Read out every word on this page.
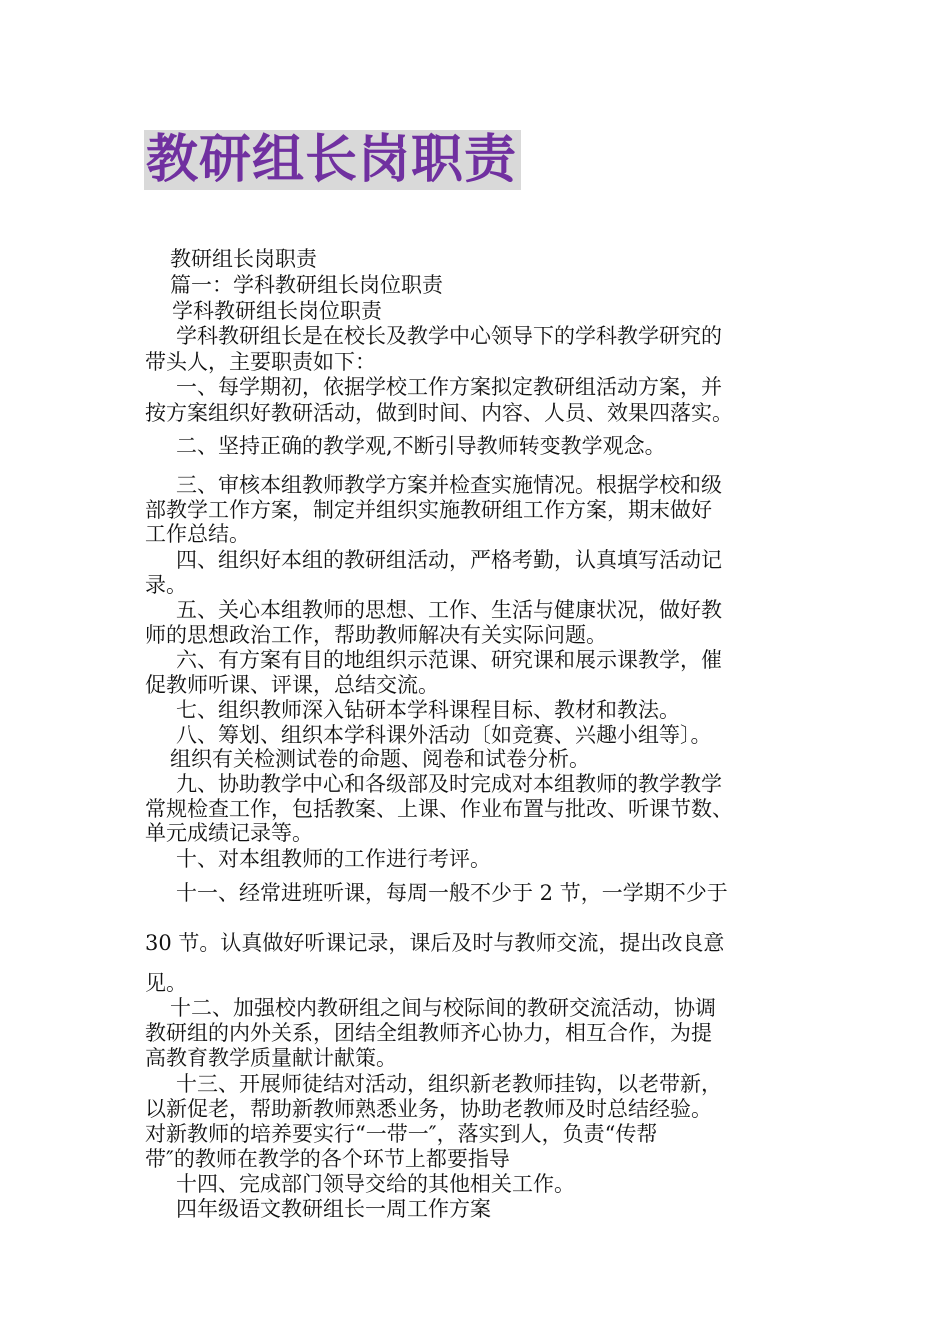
教研组长岗职责
教研组长岗职责
篇一：学科教研组长岗位职责
学科教研组长岗位职责
学科教研组长是在校长及教学中心领导下的学科教学研究的
带头人，主要职责如下：
一、每学期初，依据学校工作方案拟定教研组活动方案，并
按方案组织好教研活动，做到时间、内容、人员、效果四落实。
二、坚持正确的教学观,不断引导教师转变教学观念。
三、审核本组教师教学方案并检查实施情况。根据学校和级
部教学工作方案，制定并组织实施教研组工作方案，期末做好
工作总结。
四、组织好本组的教研组活动，严格考勤，认真填写活动记
录。
五、关心本组教师的思想、工作、生活与健康状况，做好教
师的思想政治工作，帮助教师解决有关实际问题。
六、有方案有目的地组织示范课、研究课和展示课教学，催
促教师听课、评课，总结交流。
七、组织教师深入钻研本学科课程目标、教材和教法。
八、筹划、组织本学科课外活动〔如竞赛、兴趣小组等〕。
组织有关检测试卷的命题、阅卷和试卷分析。
九、协助教学中心和各级部及时完成对本组教师的教学教学
常规检查工作，包括教案、上课、作业布置与批改、听课节数、
单元成绩记录等。
十、对本组教师的工作进行考评。
十一、经常进班听课，每周一般不少于 2 节，一学期不少于
30 节。认真做好听课记录，课后及时与教师交流，提出改良意
见。
十二、加强校内教研组之间与校际间的教研交流活动，协调
教研组的内外关系，团结全组教师齐心协力，相互合作，为提
高教育教学质量献计献策。
十三、开展师徒结对活动，组织新老教师挂钩，以老带新，
以新促老，帮助新教师熟悉业务，协助老教师及时总结经验。
对新教师的培养要实行“一带一″，落实到人，负责“传帮
带″的教师在教学的各个环节上都要指导
十四、完成部门领导交给的其他相关工作。
四年级语文教研组长一周工作方案
